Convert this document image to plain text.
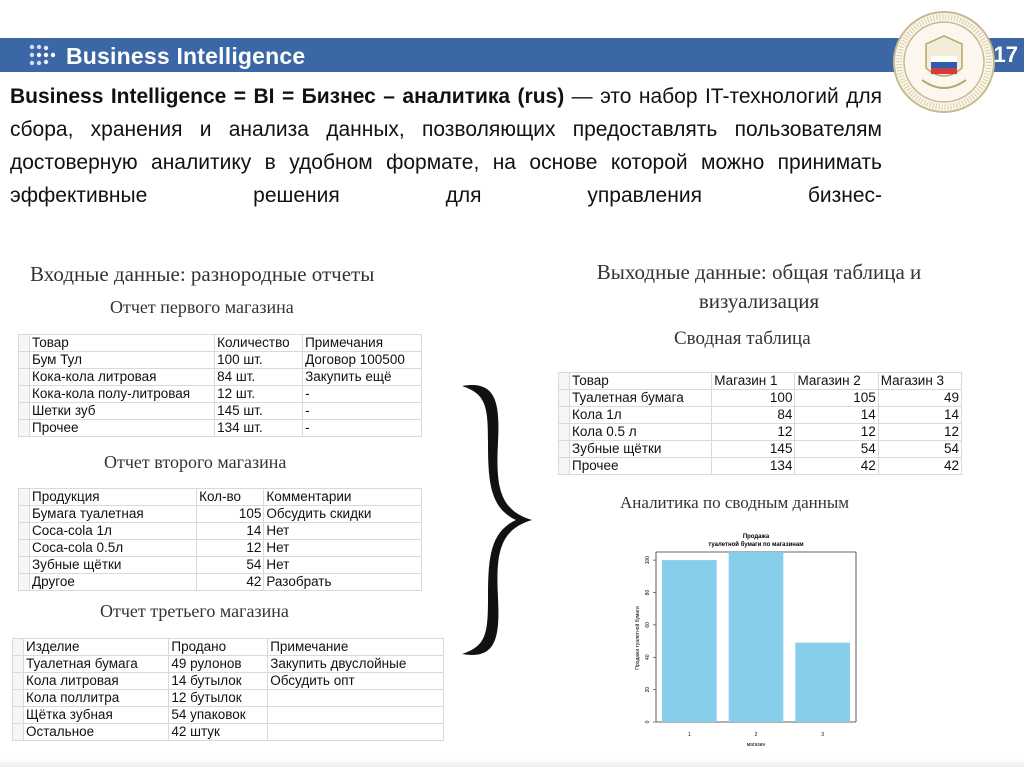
Business Intelligence	17
Business Intelligence = BI = Бизнес – аналитика (rus) — это набор IT-технологий для сбора, хранения и анализа данных, позволяющих предоставлять пользователям достоверную аналитику в удобном формате, на основе которой можно принимать эффективные решения для управления бизнес-
Входные данные: разнородные отчеты
Отчет первого магазина
Отчет второго магазина
Отчет третьего магазина
Выходные данные: общая таблица и визуализация
Сводная таблица
Аналитика по сводным данным
	Товар	Количество	Примечания
	Бум Тул	100 шт.	Договор 100500
	Кока-кола литровая	84 шт.	Закупить ещё
	Кока-кола полу-литровая	12 шт.	-
	Шетки зуб	145 шт.	-
	Прочее	134 шт.	-
	Продукция	Кол-во	Комментарии
	Бумага туалетная	105	Обсудить скидки
	Coca-cola 1л	14	Нет
	Coca-cola 0.5л	12	Нет
	Зубные щётки	54	Нет
	Другое	42	Разобрать
	Изделие	Продано	Примечание
	Туалетная бумага	49 рулонов	Закупить двуслойные
	Кола литровая	14 бутылок	Обсудить опт
	Кола поллитра	12 бутылок	
	Щётка зубная	54 упаковок	
	Остальное	42 штук	
	Товар	Магазин 1	Магазин 2	Магазин 3
	Туалетная бумага	100	105	49
	Кола 1л	84	14	14
	Кола 0.5 л	12	12	12
	Зубные щётки	145	54	54
	Прочее	134	42	42
Продажа
туалетной бумаги по магазинам
0
20
40
60
80
100
1	2	3
Продажи туалетной бумаги
магазин
